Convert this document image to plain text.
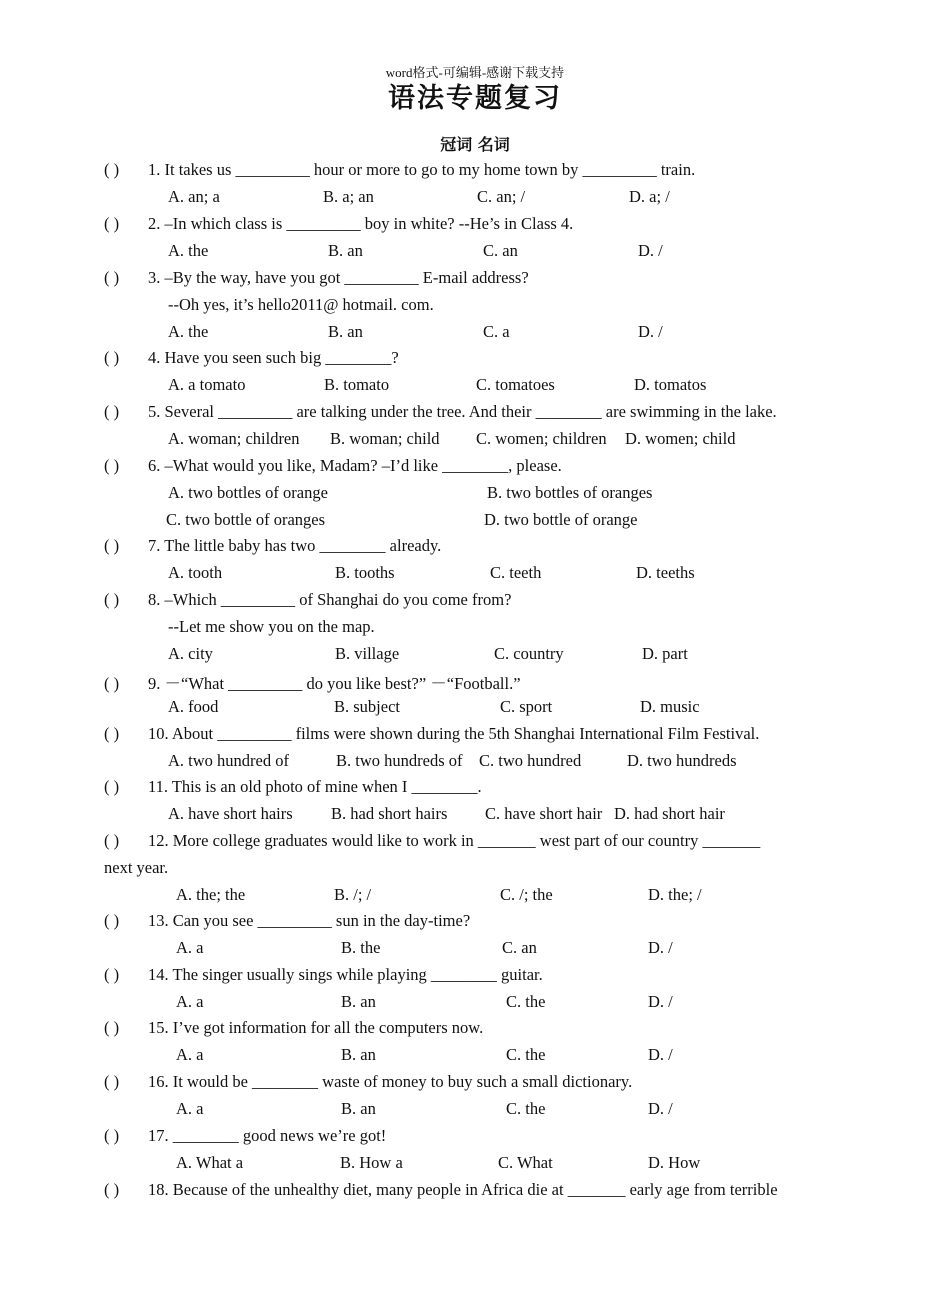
word格式-可编辑-感谢下载支持
语法专题复习
冠词 名词
( ) 1. It takes us _________ hour or more to go to my home town by _________ train.
A. an; a	B. a; an	C. an; /	D. a; /
( ) 2. –In which class is _________ boy in white? --He’s in Class 4.
A. the	B. an	C. an	D. /
( ) 3. –By the way, have you got _________ E-mail address?
--Oh yes, it’s hello2011@ hotmail. com.
A. the	B. an	C. a	D. /
( ) 4. Have you seen such big ________?
A. a tomato	B. tomato	C. tomatoes	D. tomatos
( ) 5. Several _________ are talking under the tree. And their ________ are swimming in the lake.
A. woman; children B. woman; child C. women; children D. women; child
( ) 6. –What would you like, Madam? –I’d like ________, please.
A. two bottles of orange	B. two bottles of oranges
C. two bottle of oranges	D. two bottle of orange
( ) 7. The little baby has two ________ already.
A. tooth	B. tooths	C. teeth	D. teeths
( ) 8. –Which _________ of Shanghai do you come from?
--Let me show you on the map.
A. city	B. village	C. country	D. part
( ) 9. －“What _________ do you like best?” －“Football.”
A. food	B. subject	C. sport	D. music
( ) 10. About _________ films were shown during the 5th Shanghai International Film Festival.
A. two hundred of	B. two hundreds of C. two hundred	D. two hundreds
( ) 11. This is an old photo of mine when I ________.
A. have short hairs B. had short hairs C. have short hair D. had short hair
( ) 12. More college graduates would like to work in _______ west part of our country _______
next year.
A. the; the	B. /; /	C. /; the	D. the; /
( ) 13. Can you see _________ sun in the day-time?
A. a	B. the	C. an	D. /
( ) 14. The singer usually sings while playing ________ guitar.
A. a	B. an	C. the	D. /
( ) 15. I’ve got information for all the computers now.
A. a	B. an	C. the	D. /
( ) 16. It would be ________ waste of money to buy such a small dictionary.
A. a	B. an	C. the	D. /
( ) 17. ________ good news we’re got!
A. What a	B. How a	C. What	D. How
( ) 18. Because of the unhealthy diet, many people in Africa die at _______ early age from terrible
